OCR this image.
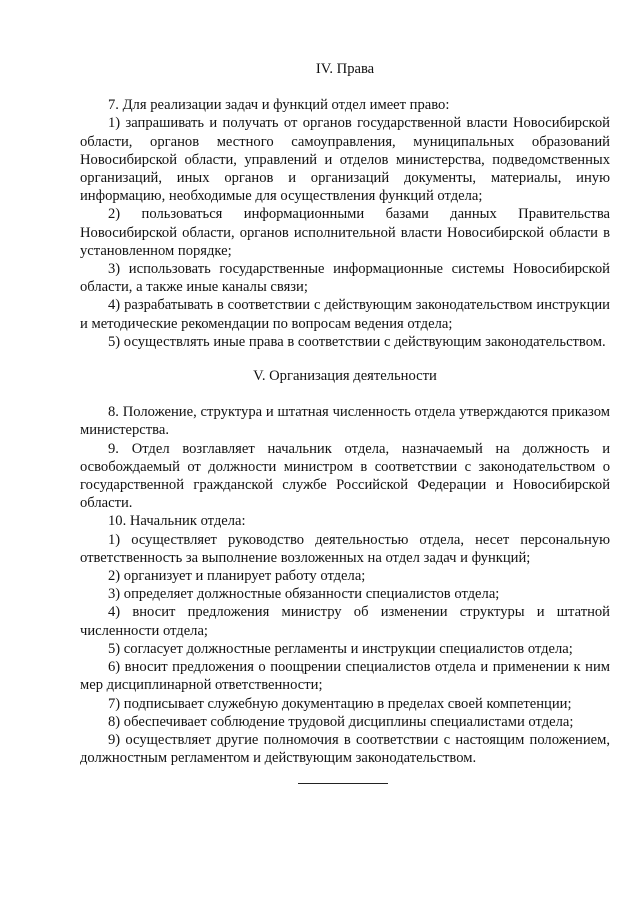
IV. Права

7. Для реализации задач и функций отдел имеет право:

1) запрашивать и получать от органов государственной власти Новосибирской области, органов местного самоуправления, муниципальных образований Новосибирской области, управлений и отделов министерства, подведомственных организаций, иных органов и организаций документы, материалы, иную информацию, необходимые для осуществления функций отдела;

2) пользоваться информационными базами данных Правительства Новосибирской области, органов исполнительной власти Новосибирской области в установленном порядке;

3) использовать государственные информационные системы Новосибирской области, а также иные каналы связи;

4) разрабатывать в соответствии с действующим законодательством инструкции и методические рекомендации по вопросам ведения отдела;

5) осуществлять иные права в соответствии с действующим законодательством.

V. Организация деятельности

8. Положение, структура и штатная численность отдела утверждаются приказом министерства.

9. Отдел возглавляет начальник отдела, назначаемый на должность и освобождаемый от должности министром в соответствии с законодательством о государственной гражданской службе Российской Федерации и Новосибирской области.

10. Начальник отдела:

1) осуществляет руководство деятельностью отдела, несет персональную ответственность за выполнение возложенных на отдел задач и функций;

2) организует и планирует работу отдела;

3) определяет должностные обязанности специалистов отдела;

4) вносит предложения министру об изменении структуры и штатной численности отдела;

5) согласует должностные регламенты и инструкции специалистов отдела;

6) вносит предложения о поощрении специалистов отдела и применении к ним мер дисциплинарной ответственности;

7) подписывает служебную документацию в пределах своей компетенции;

8) обеспечивает соблюдение трудовой дисциплины специалистами отдела;

9) осуществляет другие полномочия в соответствии с настоящим положением, должностным регламентом и действующим законодательством.
